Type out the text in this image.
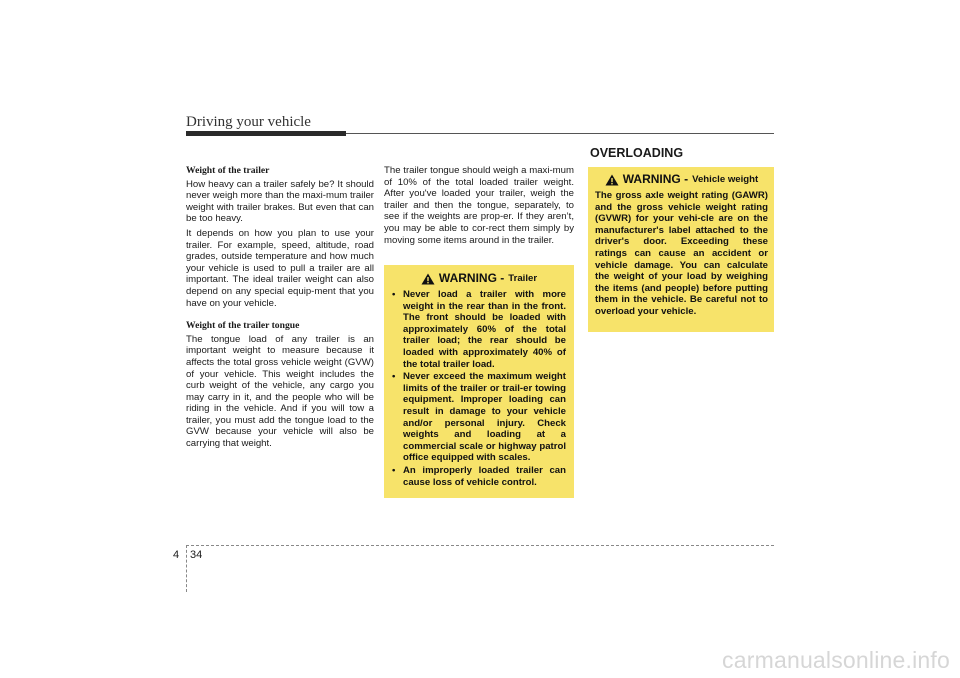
Driving your vehicle
Weight of the trailer

How heavy can a trailer safely be? It should never weigh more than the maxi-mum trailer weight with trailer brakes. But even that can be too heavy.

It depends on how you plan to use your trailer. For example, speed, altitude, road grades, outside temperature and how much your vehicle is used to pull a trailer are all important. The ideal trailer weight can also depend on any special equip-ment that you have on your vehicle.

Weight of the trailer tongue

The tongue load of any trailer is an important weight to measure because it affects the total gross vehicle weight (GVW) of your vehicle. This weight includes the curb weight of the vehicle, any cargo you may carry in it, and the people who will be riding in the vehicle. And if you will tow a trailer, you must add the tongue load to the GVW because your vehicle will also be carrying that weight.

The trailer tongue should weigh a maxi-mum of 10% of the total loaded trailer weight. After you've loaded your trailer, weigh the trailer and then the tongue, separately, to see if the weights are prop-er. If they aren’t, you may be able to cor-rect them simply by moving some items around in the trailer.

WARNING - Trailer
• Never load a trailer with more weight in the rear than in the front. The front should be loaded with approximately 60% of the total trailer load; the rear should be loaded with approximately 40% of the total trailer load.
• Never exceed the maximum weight limits of the trailer or trail-er towing equipment. Improper loading can result in damage to your vehicle and/or personal injury. Check weights and loading at a commercial scale or highway patrol office equipped with scales.
• An improperly loaded trailer can cause loss of vehicle control.
OVERLOADING
WARNING - Vehicle weight

The gross axle weight rating (GAWR) and the gross vehicle weight rating (GVWR) for your vehi-cle are on the manufacturer's label attached to the driver's door. Exceeding these ratings can cause an accident or vehicle damage. You can calculate the weight of your load by weighing the items (and people) before putting them in the vehicle. Be careful not to overload your vehicle.

4 34
carmanualsonline.info
